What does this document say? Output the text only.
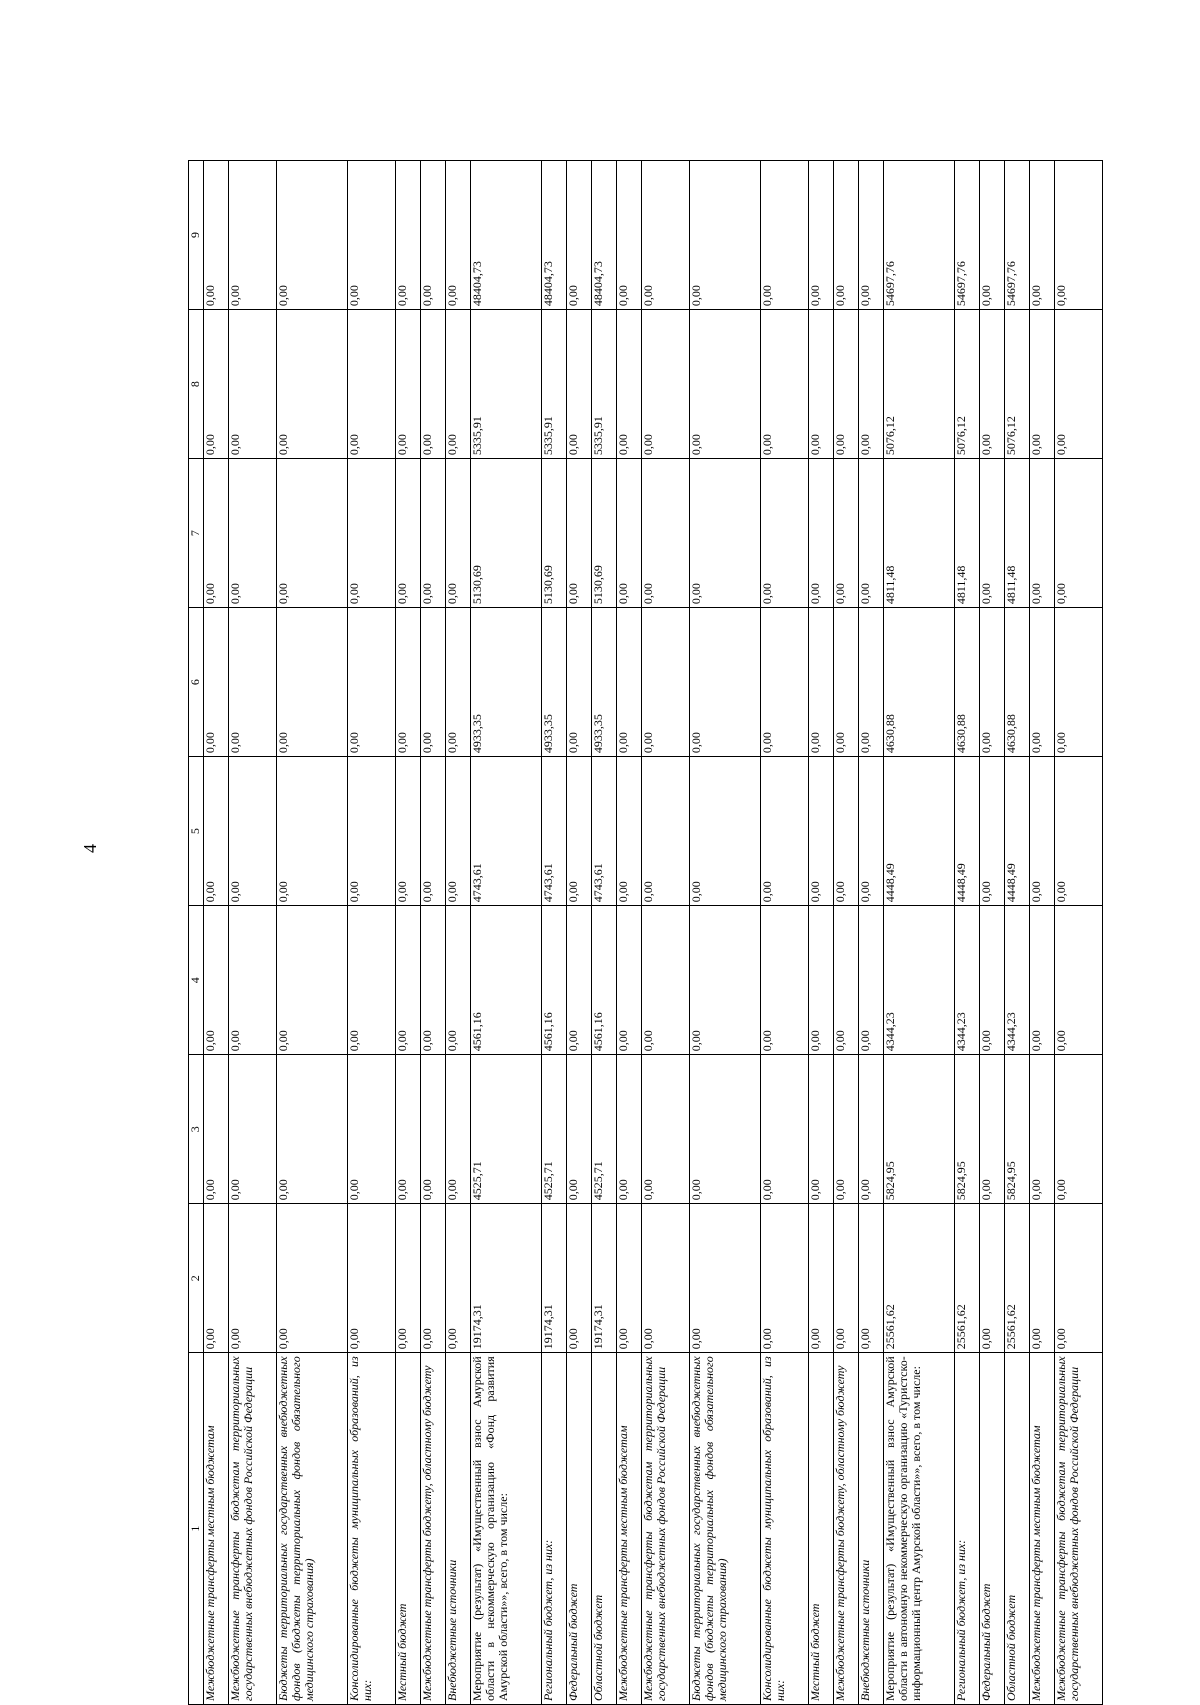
4
1	2	3	4	5	6	7	8	9
Межбюджетные трансферты местным бюджетам	0,00	0,00	0,00	0,00	0,00	0,00	0,00	0,00
Межбюджетные трансферты бюджетам территориальных государственных внебюджетных фондов Российской Федерации	0,00	0,00	0,00	0,00	0,00	0,00	0,00	0,00
Бюджеты территориальных государственных внебюджетных фондов (бюджеты территориальных фондов обязательного медицинского страхования)	0,00	0,00	0,00	0,00	0,00	0,00	0,00	0,00
Консолидированные бюджеты муниципальных образований, из них:	0,00	0,00	0,00	0,00	0,00	0,00	0,00	0,00
Местный бюджет	0,00	0,00	0,00	0,00	0,00	0,00	0,00	0,00
Межбюджетные трансферты бюджету, областному бюджету	0,00	0,00	0,00	0,00	0,00	0,00	0,00	0,00
Внебюджетные источники	0,00	0,00	0,00	0,00	0,00	0,00	0,00	0,00
Мероприятие (результат) «Имущественный взнос Амурской области в некоммерческую организацию «Фонд развития Амурской области»», всего, в том числе:	19174,31	4525,71	4561,16	4743,61	4933,35	5130,69	5335,91	48404,73
Региональный бюджет, из них:	19174,31	4525,71	4561,16	4743,61	4933,35	5130,69	5335,91	48404,73
Федеральный бюджет	0,00	0,00	0,00	0,00	0,00	0,00	0,00	0,00
Областной бюджет	19174,31	4525,71	4561,16	4743,61	4933,35	5130,69	5335,91	48404,73
Межбюджетные трансферты местным бюджетам	0,00	0,00	0,00	0,00	0,00	0,00	0,00	0,00
Межбюджетные трансферты бюджетам территориальных государственных внебюджетных фондов Российской Федерации	0,00	0,00	0,00	0,00	0,00	0,00	0,00	0,00
Бюджеты территориальных государственных внебюджетных фондов (бюджеты территориальных фондов обязательного медицинского страхования)	0,00	0,00	0,00	0,00	0,00	0,00	0,00	0,00
Консолидированные бюджеты муниципальных образований, из них:	0,00	0,00	0,00	0,00	0,00	0,00	0,00	0,00
Местный бюджет	0,00	0,00	0,00	0,00	0,00	0,00	0,00	0,00
Межбюджетные трансферты бюджету, областному бюджету	0,00	0,00	0,00	0,00	0,00	0,00	0,00	0,00
Внебюджетные источники	0,00	0,00	0,00	0,00	0,00	0,00	0,00	0,00
Мероприятие (результат) «Имущественный взнос Амурской области в автономную некоммерческую организацию «Туристско-информационный центр Амурской области»», всего, в том числе:	25561,62	5824,95	4344,23	4448,49	4630,88	4811,48	5076,12	54697,76
Региональный бюджет, из них:	25561,62	5824,95	4344,23	4448,49	4630,88	4811,48	5076,12	54697,76
Федеральный бюджет	0,00	0,00	0,00	0,00	0,00	0,00	0,00	0,00
Областной бюджет	25561,62	5824,95	4344,23	4448,49	4630,88	4811,48	5076,12	54697,76
Межбюджетные трансферты местным бюджетам	0,00	0,00	0,00	0,00	0,00	0,00	0,00	0,00
Межбюджетные трансферты бюджетам территориальных государственных внебюджетных фондов Российской Федерации	0,00	0,00	0,00	0,00	0,00	0,00	0,00	0,00
